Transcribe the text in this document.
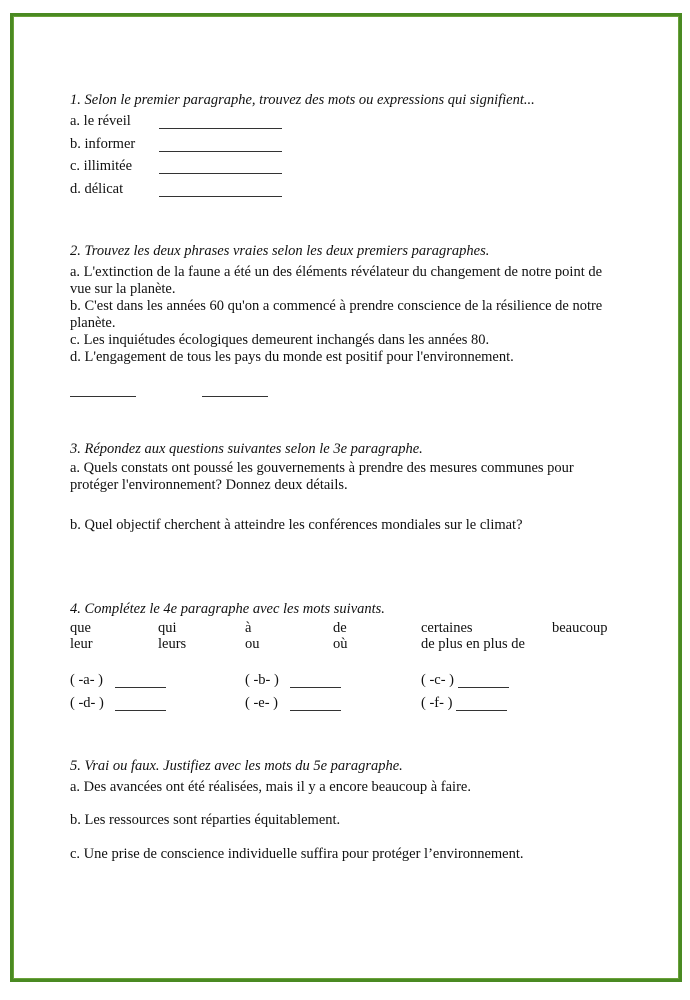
1. Selon le premier paragraphe, trouvez des mots ou expressions qui signifient...
a. le réveil
b. informer
c. illimitée
d. délicat
2. Trouvez les deux phrases vraies selon les deux premiers paragraphes.
a. L'extinction de la faune a été un des éléments révélateur du changement de notre point de vue sur la planète.
b. C'est dans les années 60 qu'on a commencé à prendre conscience de la résilience de notre planète.
c. Les inquiétudes écologiques demeurent inchangés dans les années 80.
d. L'engagement de tous les pays du monde est positif pour l'environnement.
3. Répondez aux questions suivantes selon le 3e paragraphe.
a. Quels constats ont poussé les gouvernements à prendre des mesures communes pour protéger l'environnement? Donnez deux détails.
b. Quel objectif cherchent à atteindre les conférences mondiales sur le climat?
4. Complétez le 4e paragraphe avec les mots suivants.
que	qui	à	de	certaines	beaucoup
leur	leurs	ou	où	de plus en plus de
( -a- )	( -b- )	( -c- )
( -d- )	( -e- )	( -f- )
5. Vrai ou faux. Justifiez avec les mots du 5e paragraphe.
a. Des avancées ont été réalisées, mais il y a encore beaucoup à faire.
b. Les ressources sont réparties équitablement.
c. Une prise de conscience individuelle suffira pour protéger l’environnement.
